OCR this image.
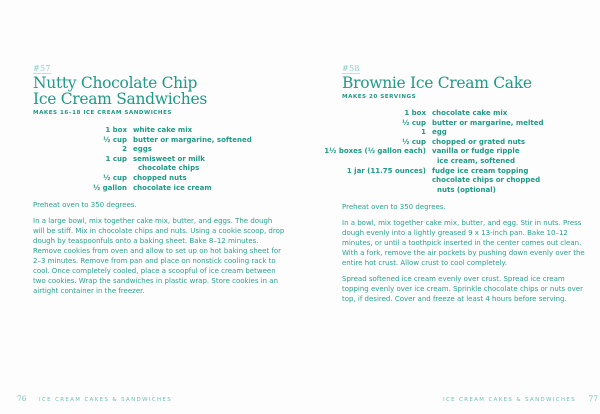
#57
Nutty Chocolate Chip
Ice Cream Sandwiches
MAKES 16–18 ICE CREAM SANDWICHES
1 box white cake mix
½ cup butter or margarine, softened
2 eggs
1 cup semisweet or milk
chocolate chips
½ cup chopped nuts
½ gallon chocolate ice cream

Preheat oven to 350 degrees.

In a large bowl, mix together cake mix, butter, and eggs. The dough will be stiff. Mix in chocolate chips and nuts. Using a cookie scoop, drop dough by teaspoonfuls onto a baking sheet. Bake 8–12 minutes. Remove cookies from oven and allow to set up on hot baking sheet for 2–3 minutes. Remove from pan and place on nonstick cooling rack to cool. Once completely cooled, place a scoopful of ice cream between two cookies. Wrap the sandwiches in plastic wrap. Store cookies in an airtight container in the freezer.

76 ICE CREAM CAKES & SANDWICHES
#58
Brownie Ice Cream Cake
MAKES 20 SERVINGS
1 box chocolate cake mix
½ cup butter or margarine, melted
1 egg
½ cup chopped or grated nuts
1½ boxes (½ gallon each) vanilla or fudge ripple
ice cream, softened
1 jar (11.75 ounces) fudge ice cream topping
chocolate chips or chopped
nuts (optional)

Preheat oven to 350 degrees.

In a bowl, mix together cake mix, butter, and egg. Stir in nuts. Press dough evenly into a lightly greased 9 x 13-inch pan. Bake 10–12 minutes, or until a toothpick inserted in the center comes out clean. With a fork, remove the air pockets by pushing down evenly over the entire hot crust. Allow crust to cool completely.

Spread softened ice cream evenly over crust. Spread ice cream topping evenly over ice cream. Sprinkle chocolate chips or nuts over top, if desired. Cover and freeze at least 4 hours before serving.

ICE CREAM CAKES & SANDWICHES 77
